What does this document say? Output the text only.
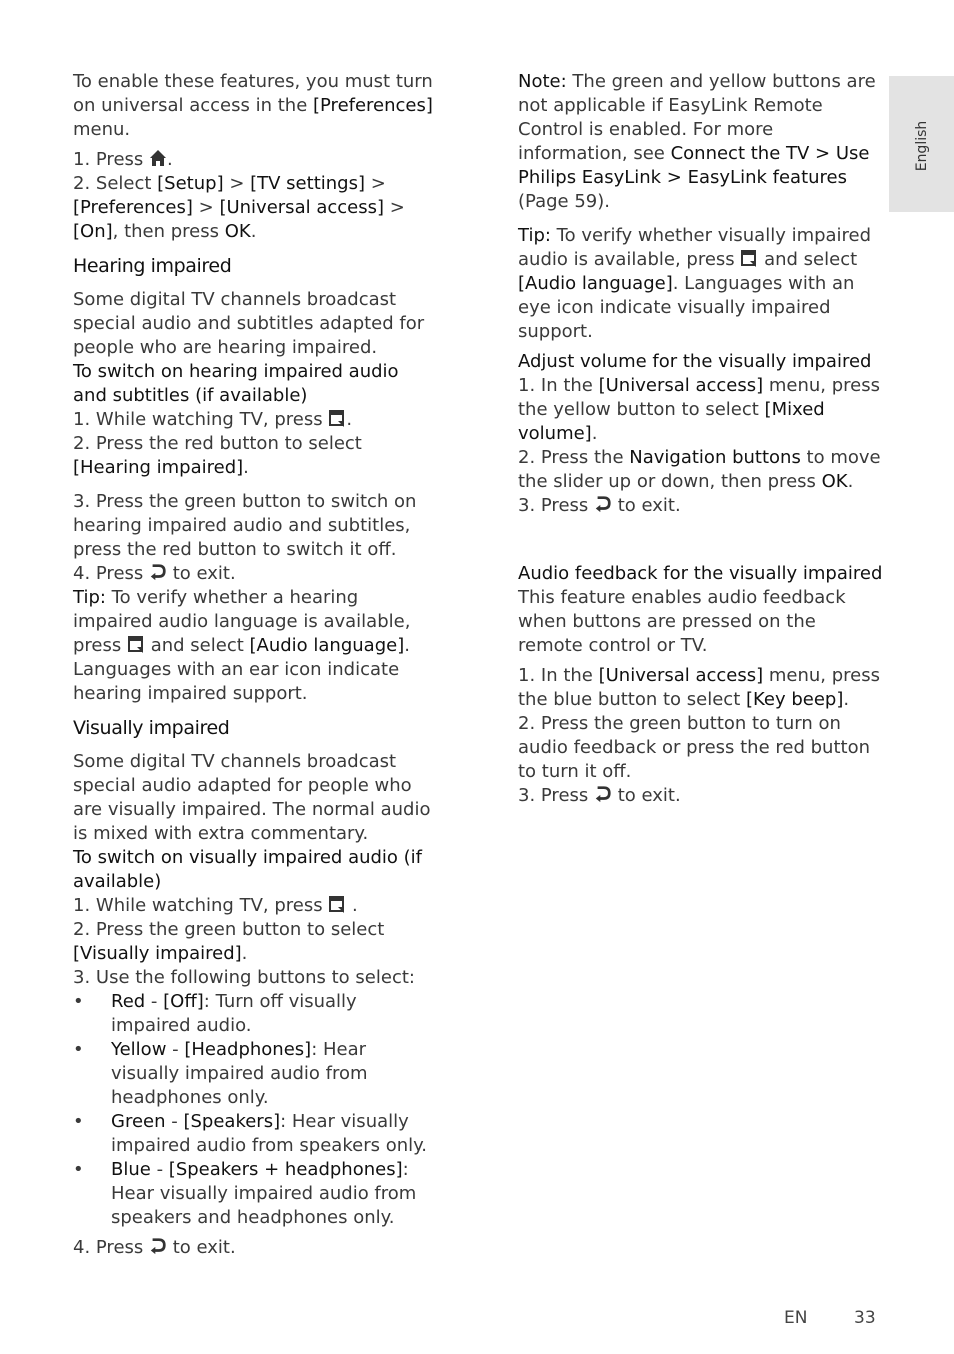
English

To enable these features, you must turn on universal access in the [Preferences] menu.

1. Press .

2. Select [Setup] > [TV settings] > [Preferences] > [Universal access] > [On], then press OK.

Hearing impaired

Some digital TV channels broadcast special audio and subtitles adapted for people who are hearing impaired.

To switch on hearing impaired audio and subtitles (if available)

1. While watching TV, press .

2. Press the red button to select [Hearing impaired].

3. Press the green button to switch on hearing impaired audio and subtitles, press the red button to switch it off.

4. Press  to exit.

Tip: To verify whether a hearing impaired audio language is available, press  and select [Audio language]. Languages with an ear icon indicate hearing impaired support.

Visually impaired

Some digital TV channels broadcast special audio adapted for people who are visually impaired. The normal audio is mixed with extra commentary.

To switch on visually impaired audio (if available)

1. While watching TV, press  .

2. Press the green button to select [Visually impaired].

3. Use the following buttons to select:

• Red - [Off]: Turn off visually impaired audio.

• Yellow - [Headphones]: Hear visually impaired audio from headphones only.

• Green - [Speakers]: Hear visually impaired audio from speakers only.

• Blue - [Speakers + headphones]: Hear visually impaired audio from speakers and headphones only.

4. Press  to exit.

Note: The green and yellow buttons are not applicable if EasyLink Remote Control is enabled. For more information, see Connect the TV > Use Philips EasyLink > EasyLink features (Page 59).

Tip: To verify whether visually impaired audio is available, press  and select [Audio language]. Languages with an eye icon indicate visually impaired support.

Adjust volume for the visually impaired

1. In the [Universal access] menu, press the yellow button to select [Mixed volume].

2. Press the Navigation buttons to move the slider up or down, then press OK.

3. Press  to exit.

Audio feedback for the visually impaired

This feature enables audio feedback when buttons are pressed on the remote control or TV.

1. In the [Universal access] menu, press the blue button to select [Key beep].

2. Press the green button to turn on audio feedback or press the red button to turn it off.

3. Press  to exit.

EN	33
